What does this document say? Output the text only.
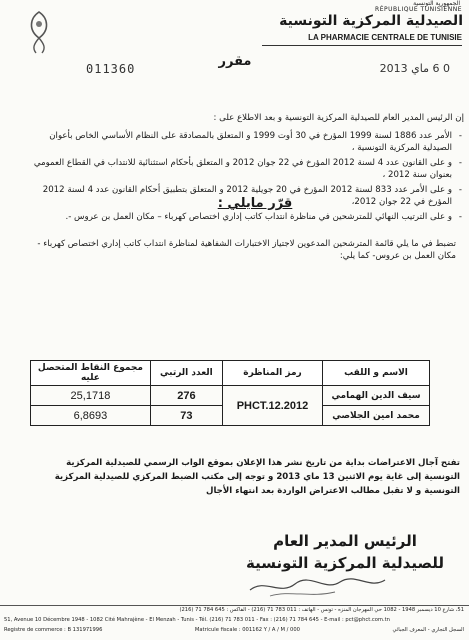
الجمهورية التونسية
RÉPUBLIQUE TUNISIENNE
الصيدلية المركزية التونسية
LA PHARMACIE CENTRALE DE TUNISIE
011360	مقرر	0 6 ماي 2013
إن الرئيس المدير العام للصيدلية المركزية التونسية و بعد الاطلاع على :
- الأمر عدد 1886 لسنة 1999 المؤرخ في 30 أوت 1999 و المتعلق بالمصادقة على النظام الأساسي الخاص بأعوان الصيدلية المركزية التونسية ،
- و على القانون عدد 4 لسنة 2012 المؤرخ في 22 جوان 2012 و المتعلق بأحكام استثنائية للانتداب في القطاع العمومي بعنوان سنة 2012 ،
- و على الأمر عدد 833 لسنة 2012 المؤرخ في 20 جويلية 2012 و المتعلق بتطبيق أحكام القانون عدد 4 لسنة 2012 المؤرخ في 22 جوان 2012،
- و على الترتيب النهائي للمترشحين في مناظرة انتداب كاتب إداري اختصاص كهرباء – مكان العمل بن عروس -.
قرّر مايلي :
تضبط في ما يلي قائمة المترشحين المدعوين لاجتياز الاختبارات الشفاهية لمناظرة انتداب كاتب إداري اختصاص كهرباء - مكان العمل بن عروس- كما يلي:
الاسم و اللقب	رمز المناظرة	العدد الرتبي	مجموع النقاط المتحصل عليه
سيف الدين الهمامي	PHCT.12.2012	276	25,1718
محمد امين الجلاصي		73	6,8693
تفتح آجال الاعتراضات بداية من تاريخ نشر هذا الإعلان بموقع الواب الرسمي للصيدلية المركزية التونسية إلى غاية يوم الاثنين 13 ماي 2013 و توجه إلى مكتب الضبط المركزي للصيدلية المركزية التونسية و لا تقبل مطالب الاعتراض الواردة بعد انتهاء الأجال
الرئيس المدير العام
للصيدلية المركزية التونسية
51، شارع 10 ديسمبر 1948 - 1082 حي المهرجان المنزه - تونس - الهاتف : 011 783 71 (216) - الفاكس : 645 784 71 (216)
51, Avenue 10 Décembre 1948 - 1082 Cité Mahrajène - El Menzah - Tunis - Tél. (216) 71 783 011 - Fax : (216) 71 784 645 - E-mail : pct@phct.com.tn
Registre de commerce : B 131971996	Matricule fiscale : 001162 Y / A / M / 000	السجل التجاري - المعرف الجبائي
